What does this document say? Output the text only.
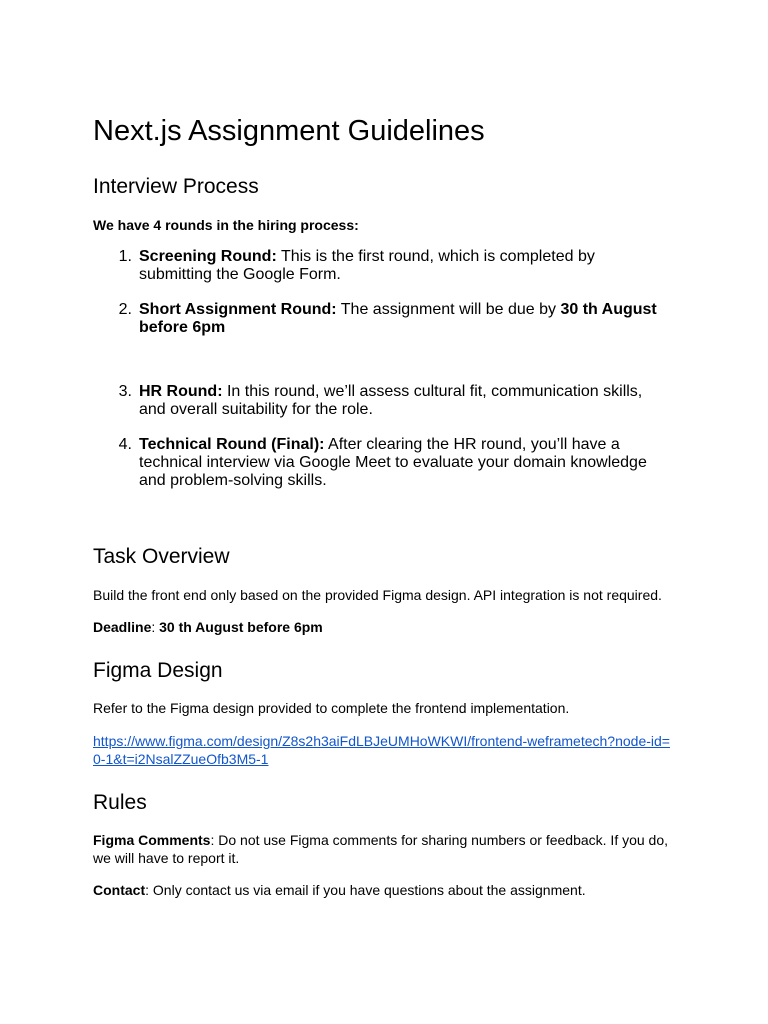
Next.js Assignment Guidelines
Interview Process

We have 4 rounds in the hiring process:

1. Screening Round: This is the first round, which is completed by submitting the Google Form.
2. Short Assignment Round: The assignment will be due by 30 th August before 6pm
3. HR Round: In this round, we’ll assess cultural fit, communication skills, and overall suitability for the role.
4. Technical Round (Final): After clearing the HR round, you’ll have a technical interview via Google Meet to evaluate your domain knowledge and problem-solving skills.
Task Overview

Build the front end only based on the provided Figma design. API integration is not required.

Deadline: 30 th August before 6pm

Figma Design

Refer to the Figma design provided to complete the frontend implementation.

https://www.figma.com/design/Z8s2h3aiFdLBJeUMHoWKWI/frontend-weframetech?node-id=0-1&t=i2NsalZZueOfb3M5-1

Rules

Figma Comments: Do not use Figma comments for sharing numbers or feedback. If you do, we will have to report it.

Contact: Only contact us via email if you have questions about the assignment.
